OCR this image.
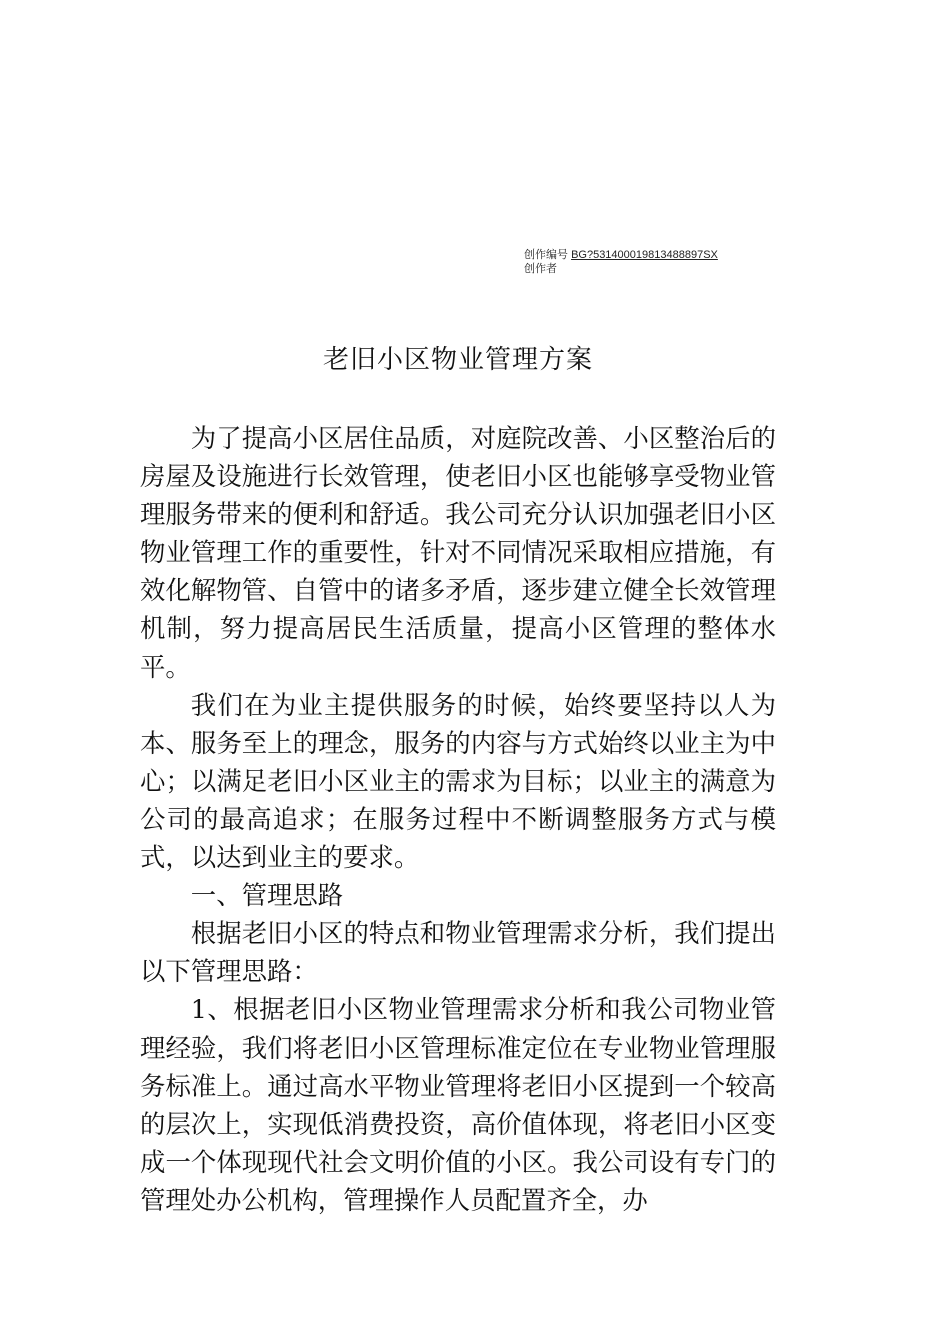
创作编号 BG?531400019813488897SX
创作者
老旧小区物业管理方案

为了提高小区居住品质，对庭院改善、小区整治后的房屋及设施进行长效管理，使老旧小区也能够享受物业管理服务带来的便利和舒适。我公司充分认识加强老旧小区物业管理工作的重要性，针对不同情况采取相应措施，有效化解物管、自管中的诸多矛盾，逐步建立健全长效管理机制，努力提高居民生活质量，提高小区管理的整体水平。

我们在为业主提供服务的时候，始终要坚持以人为本、服务至上的理念，服务的内容与方式始终以业主为中心；以满足老旧小区业主的需求为目标；以业主的满意为公司的最高追求；在服务过程中不断调整服务方式与模式，以达到业主的要求。

一、管理思路

根据老旧小区的特点和物业管理需求分析，我们提出以下管理思路：

1、根据老旧小区物业管理需求分析和我公司物业管理经验，我们将老旧小区管理标准定位在专业物业管理服务标准上。通过高水平物业管理将老旧小区提到一个较高的层次上，实现低消费投资，高价值体现，将老旧小区变成一个体现现代社会文明价值的小区。我公司设有专门的管理处办公机构，管理操作人员配置齐全，办
